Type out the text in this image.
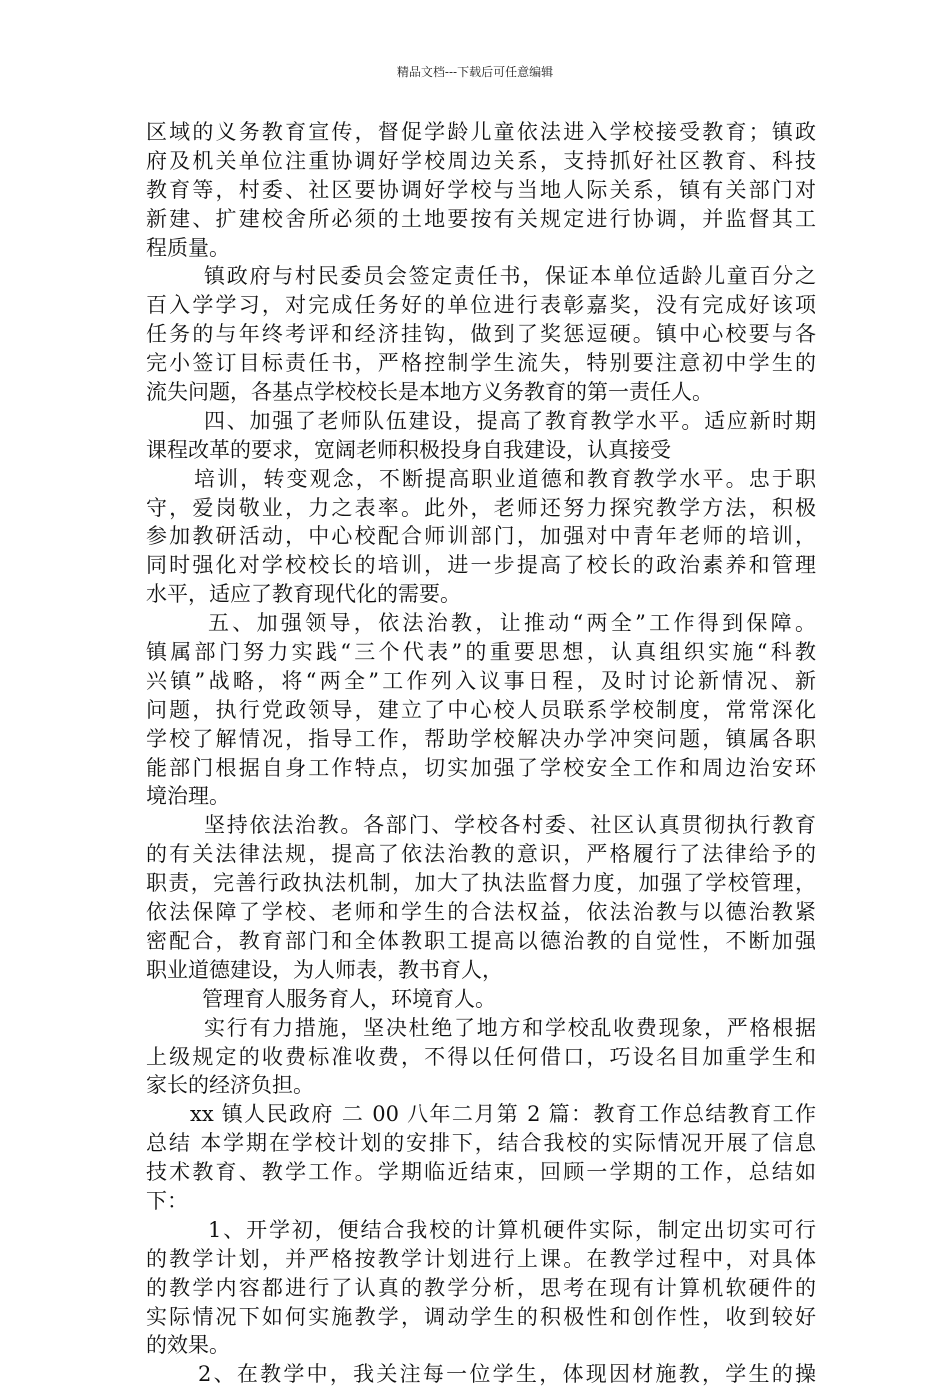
精品文档---下载后可任意编辑
区域的义务教育宣传，督促学龄儿童依法进入学校接受教育；镇政
府及机关单位注重协调好学校周边关系，支持抓好社区教育、科技
教育等，村委、社区要协调好学校与当地人际关系，镇有关部门对
新建、扩建校舍所必须的土地要按有关规定进行协调，并监督其工
程质量。
镇政府与村民委员会签定责任书，保证本单位适龄儿童百分之
百入学学习，对完成任务好的单位进行表彰嘉奖，没有完成好该项
任务的与年终考评和经济挂钩，做到了奖惩逗硬。镇中心校要与各
完小签订目标责任书，严格控制学生流失，特别要注意初中学生的
流失问题，各基点学校校长是本地方义务教育的第一责任人。
四、加强了老师队伍建设，提高了教育教学水平。适应新时期
课程改革的要求，宽阔老师积极投身自我建设，认真接受
培训，转变观念，不断提高职业道德和教育教学水平。忠于职
守，爱岗敬业，力之表率。此外，老师还努力探究教学方法，积极
参加教研活动，中心校配合师训部门，加强对中青年老师的培训，
同时强化对学校校长的培训，进一步提高了校长的政治素养和管理
水平，适应了教育现代化的需要。
五、加强领导，依法治教，让推动“两全”工作得到保障。
镇属部门努力实践“三个代表”的重要思想，认真组织实施“科教
兴镇”战略，将“两全”工作列入议事日程，及时讨论新情况、新
问题，执行党政领导，建立了中心校人员联系学校制度，常常深化
学校了解情况，指导工作，帮助学校解决办学冲突问题，镇属各职
能部门根据自身工作特点，切实加强了学校安全工作和周边治安环
境治理。
坚持依法治教。各部门、学校各村委、社区认真贯彻执行教育
的有关法律法规，提高了依法治教的意识，严格履行了法律给予的
职责，完善行政执法机制，加大了执法监督力度，加强了学校管理，
依法保障了学校、老师和学生的合法权益，依法治教与以德治教紧
密配合，教育部门和全体教职工提高以德治教的自觉性，不断加强
职业道德建设，为人师表，教书育人，
管理育人服务育人，环境育人。
实行有力措施，坚决杜绝了地方和学校乱收费现象，严格根据
上级规定的收费标准收费，不得以任何借口，巧设名目加重学生和
家长的经济负担。
xx 镇人民政府 二 00 八年二月第 2 篇：教育工作总结教育工作
总结 本学期在学校计划的安排下，结合我校的实际情况开展了信息
技术教育、教学工作。学期临近结束，回顾一学期的工作，总结如
下：
1、开学初，便结合我校的计算机硬件实际，制定出切实可行
的教学计划，并严格按教学计划进行上课。在教学过程中，对具体
的教学内容都进行了认真的教学分析，思考在现有计算机软硬件的
实际情况下如何实施教学，调动学生的积极性和创作性，收到较好
的效果。
2、在教学中，我关注每一位学生，体现因材施教，学生的操
